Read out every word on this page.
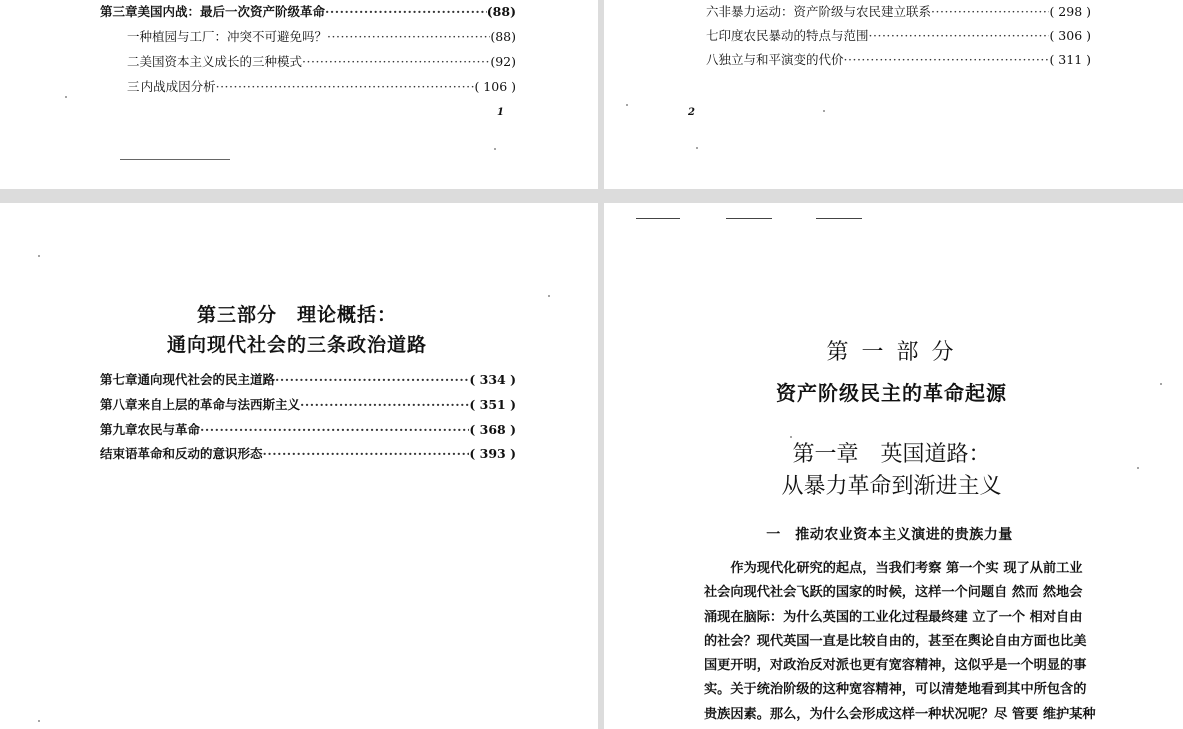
第三章 美国内战：最后一次资产阶级革命 ·····	(88)
一 种植园与工厂：冲突不可避免吗？ ·····	(88)
二 美国资本主义成长的三种模式 ·····	(92)
三 内战成因分析 ·····	( 106 )
1
六 非暴力运动：资产阶级与农民建立联系 ·····	( 298 )
七 印度农民暴动的特点与范围 ·····	( 306 )
八 独立与和平演变的代价 ·····	( 311 )
2
第三部分　理论概括：
通向现代社会的三条政治道路
第七章 通向现代社会的民主道路 ·····	( 334 )
第八章 来自上层的革命与法西斯主义 ·····	( 351 )
第九章 农民与革命 ·····	( 368 )
结束语 革命和反动的意识形态 ·····	( 393 )
第 一 部 分
资产阶级民主的革命起源
第一章　英国道路：
从暴力革命到渐进主义
一　推动农业资本主义演进的贵族力量
作为现代化研究的起点，当我们考察 第一个实 现了从前工业
社会向现代社会飞跃的国家的时候，这样一个问题自 然而 然地会
涌现在脑际：为什么英国的工业化过程最终建 立了一个 相对自由
的社会？现代英国一直是比较自由的，甚至在舆论自由方面也比美
国更开明，对政治反对派也更有宽容精神，这似乎是一个明显的事
实。关于统治阶级的这种宽容精神，可以清楚地看到其中所包含的
贵族因素。那么，为什么会形成这样一种状况呢？尽 管要 维护某种
